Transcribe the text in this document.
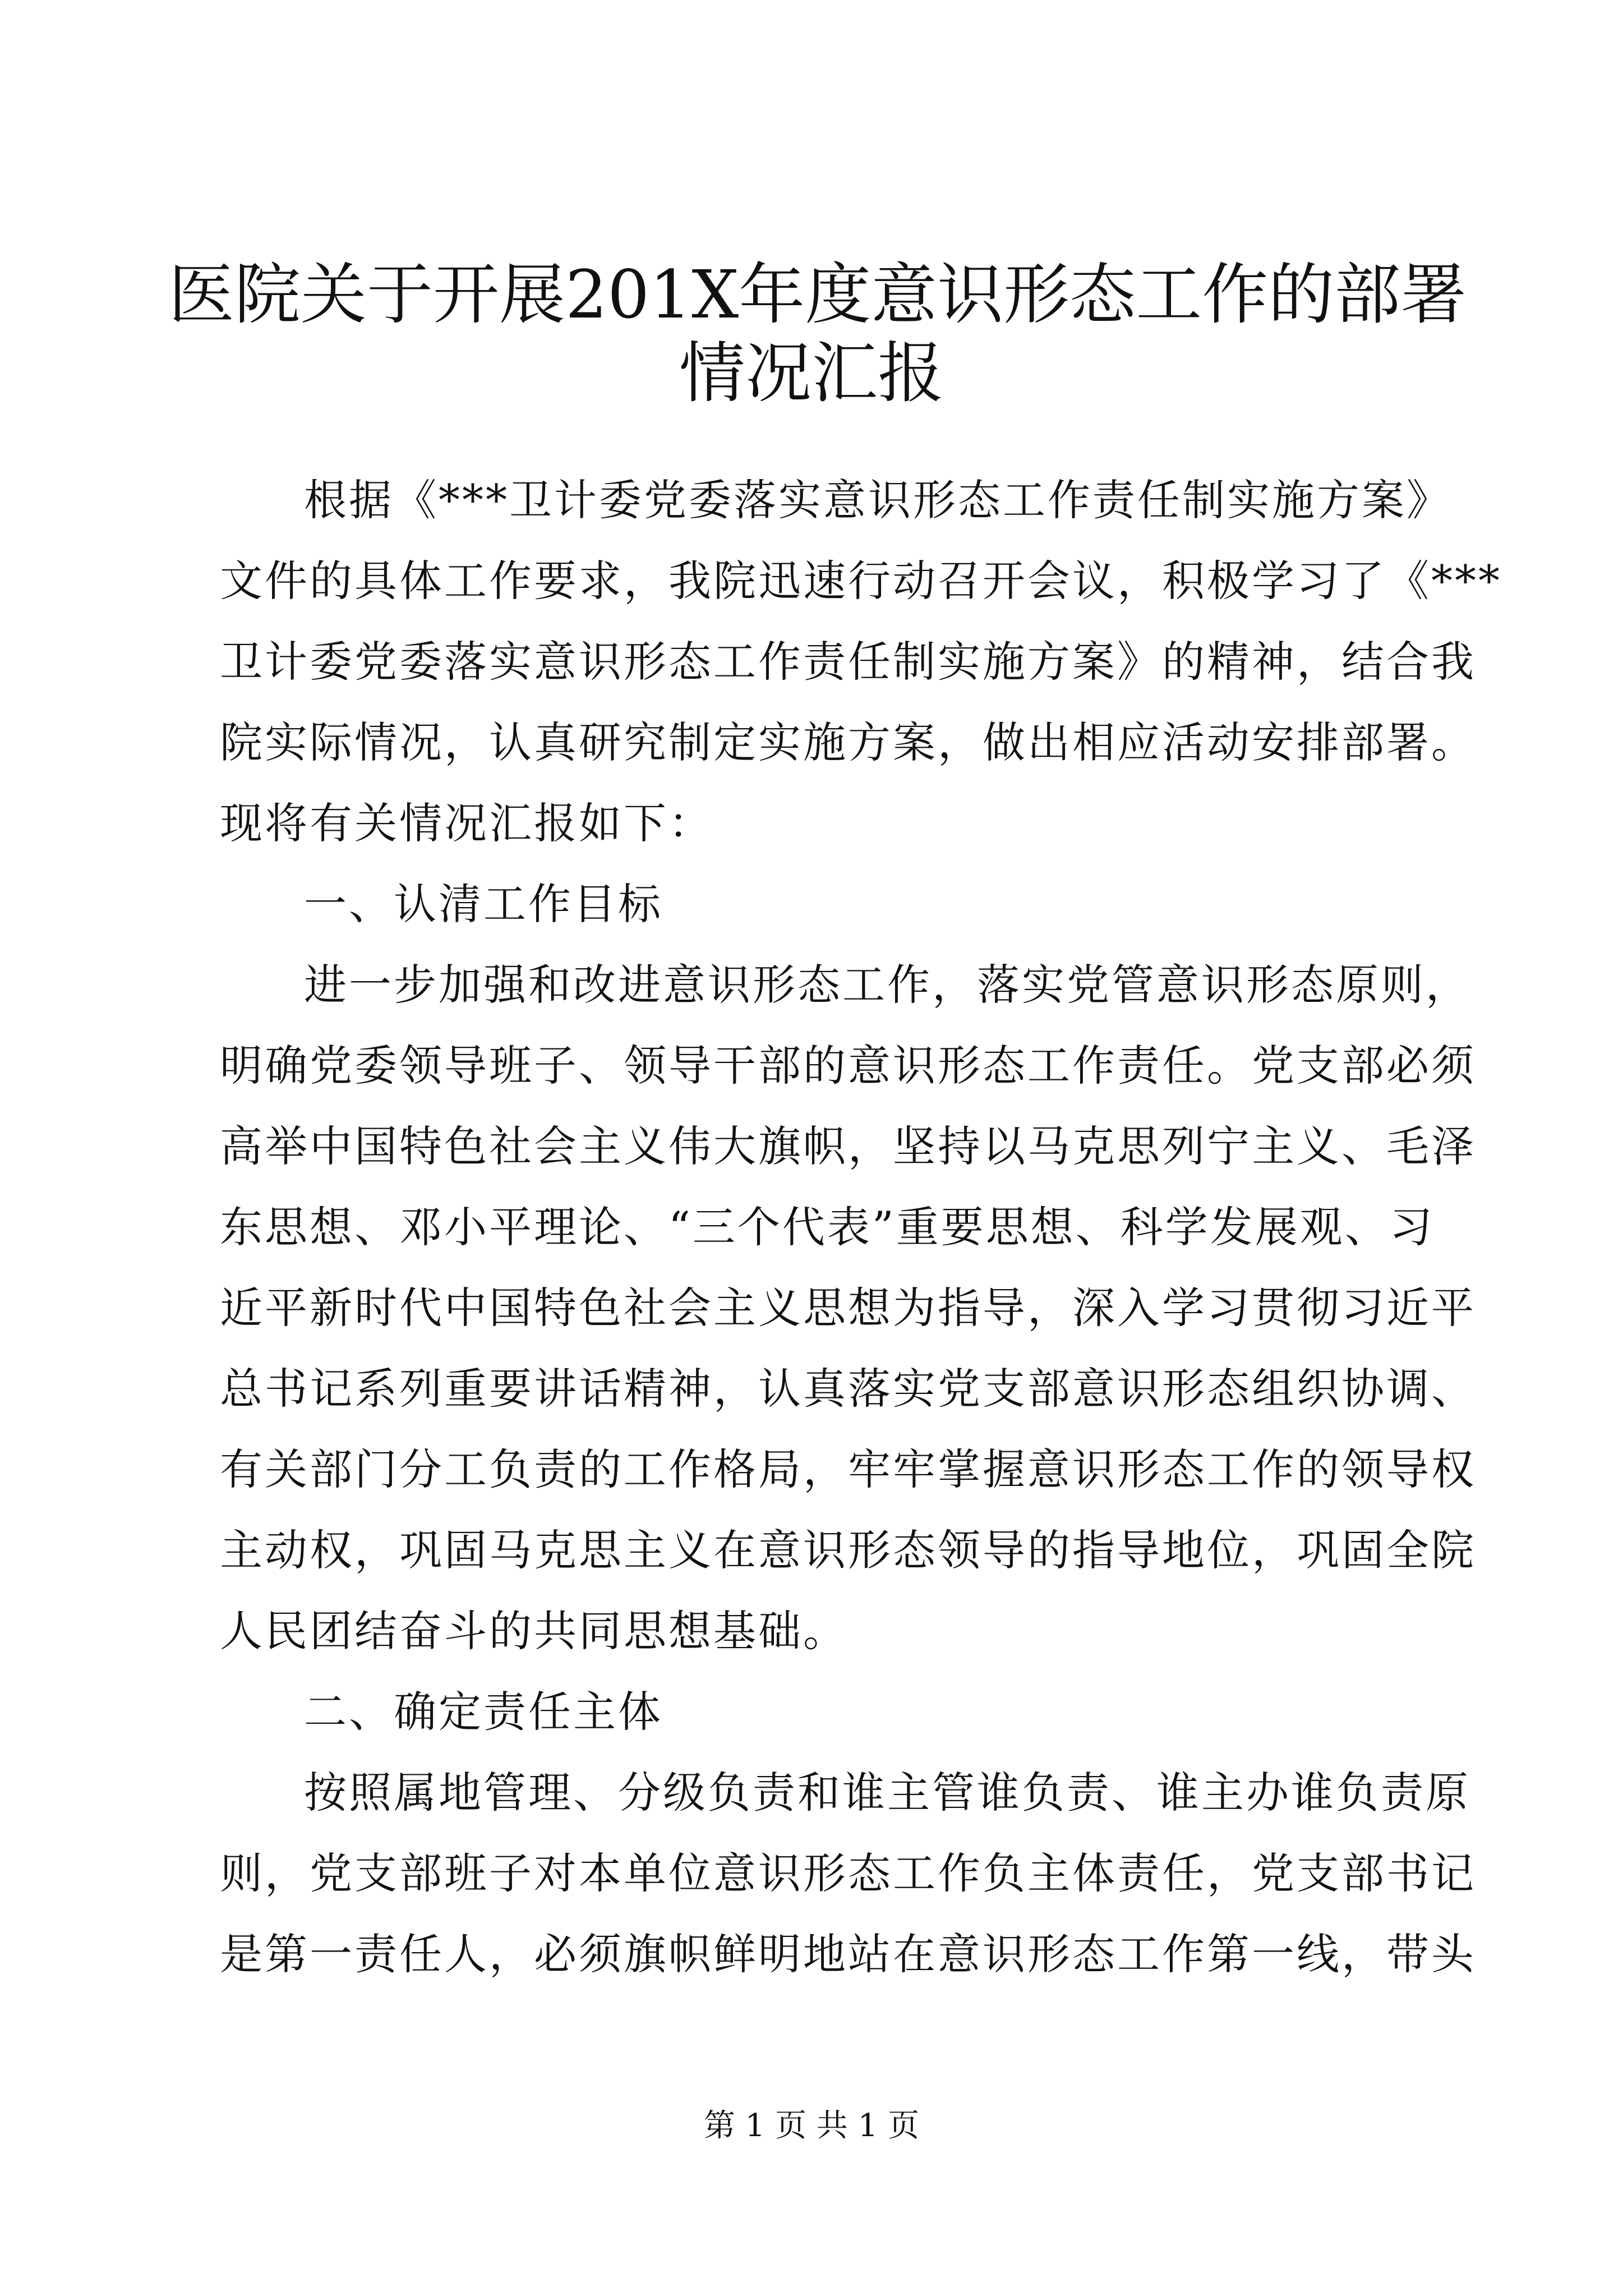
医院关于开展201X年度意识形态工作的部署
情况汇报
根据《***卫计委党委落实意识形态工作责任制实施方案》
文件的具体工作要求，我院迅速行动召开会议，积极学习了《***
卫计委党委落实意识形态工作责任制实施方案》的精神，结合我
院实际情况，认真研究制定实施方案，做出相应活动安排部署。
现将有关情况汇报如下：
一、认清工作目标
进一步加强和改进意识形态工作，落实党管意识形态原则，
明确党委领导班子、领导干部的意识形态工作责任。党支部必须
高举中国特色社会主义伟大旗帜，坚持以马克思列宁主义、毛泽
东思想、邓小平理论、“三个代表”重要思想、科学发展观、习
近平新时代中国特色社会主义思想为指导，深入学习贯彻习近平
总书记系列重要讲话精神，认真落实党支部意识形态组织协调、
有关部门分工负责的工作格局，牢牢掌握意识形态工作的领导权
主动权，巩固马克思主义在意识形态领导的指导地位，巩固全院
人民团结奋斗的共同思想基础。
二、确定责任主体
按照属地管理、分级负责和谁主管谁负责、谁主办谁负责原
则，党支部班子对本单位意识形态工作负主体责任，党支部书记
是第一责任人，必须旗帜鲜明地站在意识形态工作第一线，带头
第 1 页 共 1 页
